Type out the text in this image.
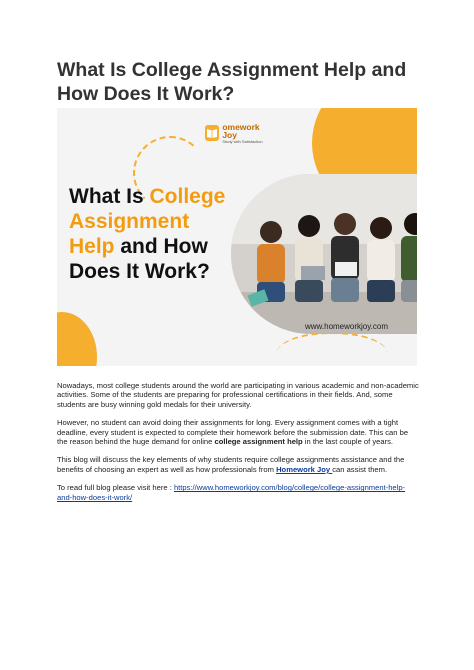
What Is College Assignment Help and How Does It Work?
omework Joy
Study with Satisfaction
What Is College Assignment Help and How Does It Work?
www.homeworkjoy.com

Nowadays, most college students around the world are participating in various academic and non-academic activities. Some of the students are preparing for professional certifications in their fields. And, some students are busy winning gold medals for their university.

However, no student can avoid doing their assignments for long. Every assignment comes with a tight deadline, every student is expected to complete their homework before the submission date. This can be the reason behind the huge demand for online college assignment help in the last couple of years.

This blog will discuss the key elements of why students require college assignments assistance and the benefits of choosing an expert as well as how professionals from Homework Joy can assist them.

To read full blog please visit here : https://www.homeworkjoy.com/blog/college/college-assignment-help-and-how-does-it-work/
